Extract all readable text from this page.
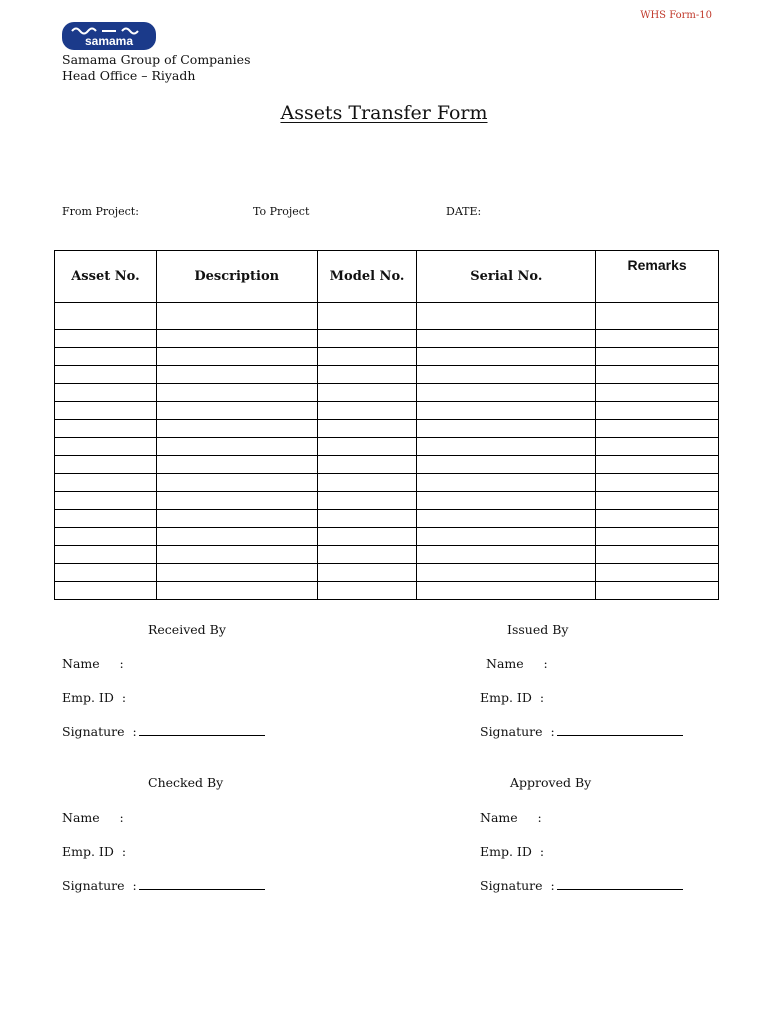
WHS Form-10
samama
Samama Group of Companies
Head Office – Riyadh
Assets Transfer Form
From Project:	To Project	DATE:
Asset No.	Description	Model No.	Serial No.	Remarks

Received By
Name     :
Emp. ID  :
Signature  :
Issued By
Name     :
Emp. ID  :
Signature  :
Checked By
Name     :
Emp. ID  :
Signature  :
Approved By
Name     :
Emp. ID  :
Signature  :
